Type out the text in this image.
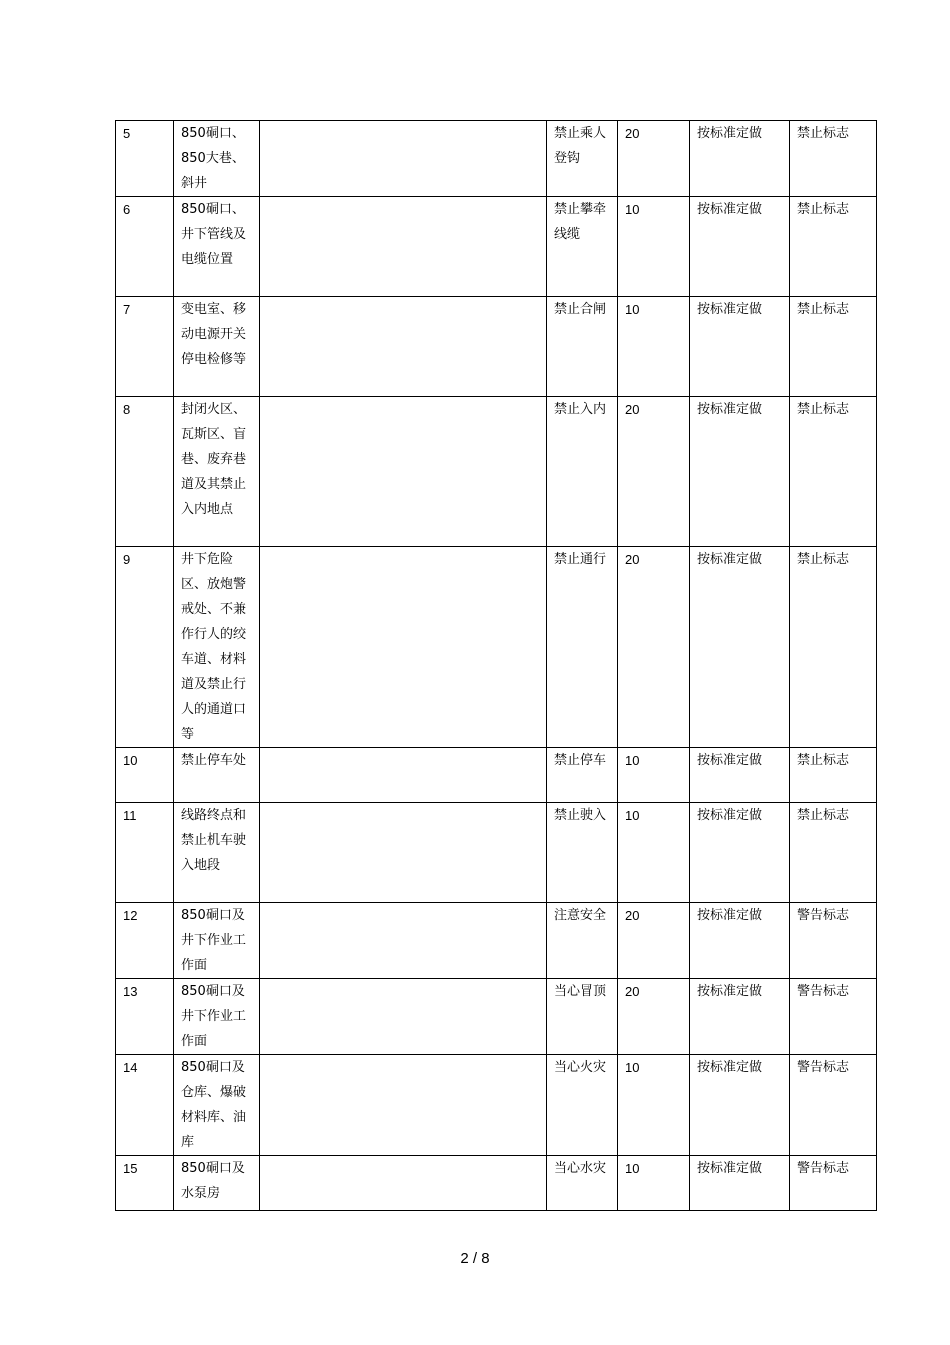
5	850硐口、850大巷、斜井		禁止乘人登钩	20	按标准定做	禁止标志
6	850硐口、井下管线及电缆位置		禁止攀牵线缆	10	按标准定做	禁止标志
7	变电室、移动电源开关停电检修等		禁止合闸	10	按标准定做	禁止标志
8	封闭火区、瓦斯区、盲巷、废弃巷道及其禁止入内地点		禁止入内	20	按标准定做	禁止标志
9	井下危险区、放炮警戒处、不兼作行人的绞车道、材料道及禁止行人的通道口等		禁止通行	20	按标准定做	禁止标志
10	禁止停车处		禁止停车	10	按标准定做	禁止标志
11	线路终点和禁止机车驶入地段		禁止驶入	10	按标准定做	禁止标志
12	850硐口及井下作业工作面		注意安全	20	按标准定做	警告标志
13	850硐口及井下作业工作面		当心冒顶	20	按标准定做	警告标志
14	850硐口及仓库、爆破材料库、油库		当心火灾	10	按标准定做	警告标志
15	850硐口及水泵房		当心水灾	10	按标准定做	警告标志
2 / 8
